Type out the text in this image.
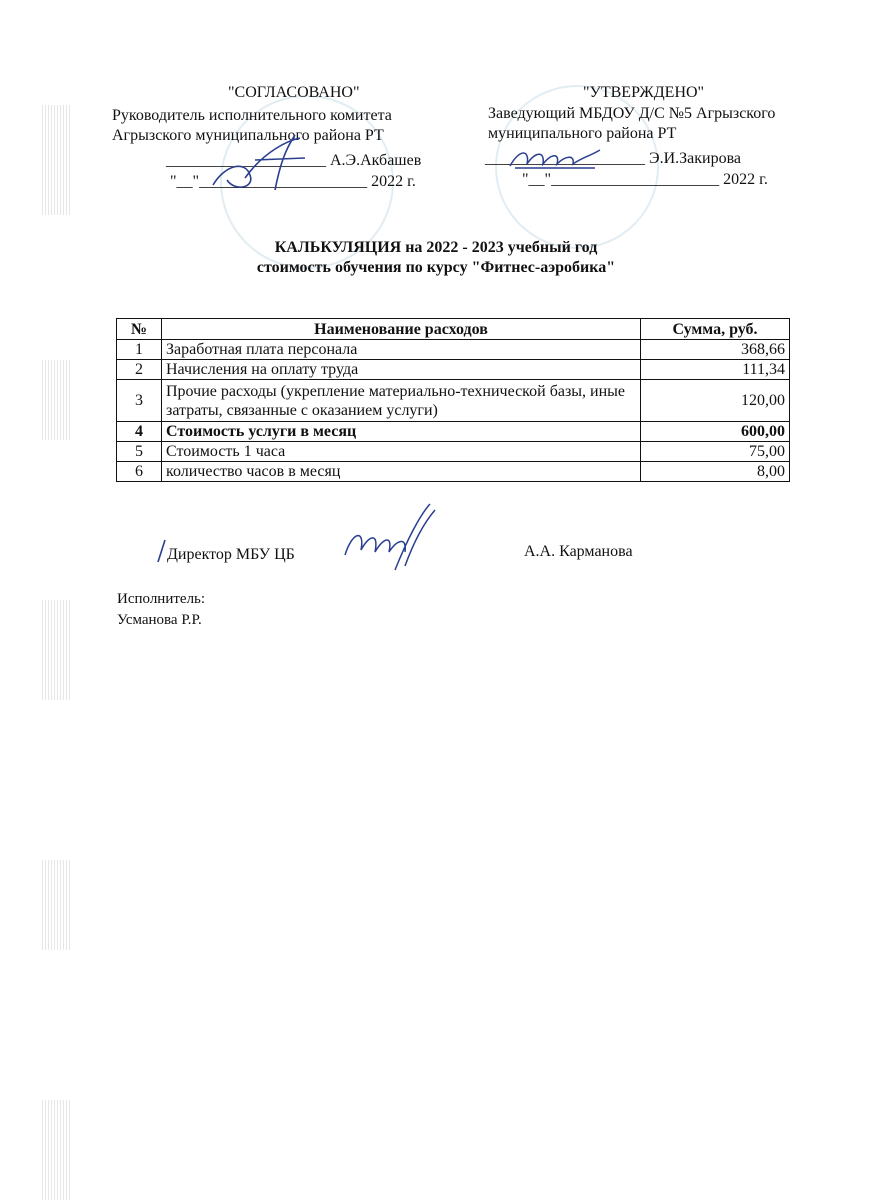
"СОГЛАСОВАНО"
Руководитель исполнительного комитета
Агрызского муниципального района РТ
____________________ А.Э.Акбашев
"__"_____________________ 2022 г.
"УТВЕРЖДЕНО"
Заведующий МБДОУ Д/С №5 Агрызского
муниципального района РТ
____________________ Э.И.Закирова
"__"_____________________ 2022 г.
КАЛЬКУЛЯЦИЯ на 2022 - 2023 учебный год
стоимость обучения по курсу "Фитнес-аэробика"
№	Наименование расходов	Сумма, руб.
1	Заработная плата персонала	368,66
2	Начисления на оплату труда	111,34
3	Прочие расходы (укрепление материально-технической базы, иные затраты, связанные с оказанием услуги)	120,00
4	Стоимость услуги в месяц	600,00
5	Стоимость 1 часа	75,00
6	количество часов в месяц	8,00
Директор МБУ ЦБ	А.А. Карманова
Исполнитель:
Усманова Р.Р.
